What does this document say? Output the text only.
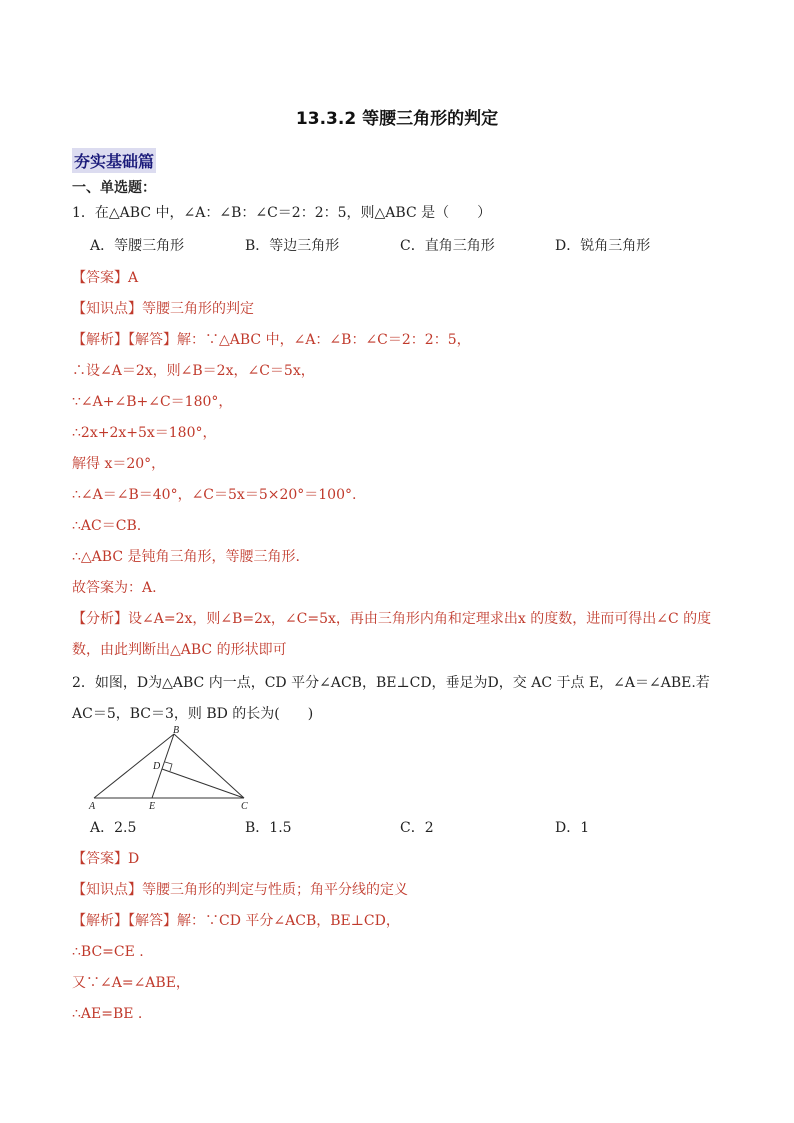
13.3.2 等腰三角形的判定
夯实基础篇
一、单选题：
1．在△ABC 中，∠A：∠B：∠C＝2：2：5，则△ABC 是（　　）
A．等腰三角形	B．等边三角形	C．直角三角形	D．锐角三角形
【答案】A
【知识点】等腰三角形的判定
【解析】【解答】解：∵△ABC 中，∠A：∠B：∠C＝2：2：5，
∴设∠A＝2x，则∠B＝2x，∠C＝5x，
∵∠A+∠B+∠C＝180°，
∴2x+2x+5x＝180°，
解得 x＝20°，
∴∠A＝∠B＝40°，∠C＝5x＝5×20°＝100°.
∴AC＝CB.
∴△ABC 是钝角三角形，等腰三角形.
故答案为：A.
【分析】设∠A=2x，则∠B=2x，∠C=5x，再由三角形内角和定理求出x 的度数，进而可得出∠C 的度
数，由此判断出△ABC 的形状即可
2．如图，D为△ABC 内一点，CD 平分∠ACB，BE⊥CD，垂足为D，交 AC 于点 E，∠A＝∠ABE.若
AC＝5，BC＝3，则 BD 的长为(　　)
A
B
C
D
E
A．2.5	B．1.5	C．2	D．1
【答案】D
【知识点】等腰三角形的判定与性质；角平分线的定义
【解析】【解答】解：∵CD 平分∠ACB，BE⊥CD，
∴BC=CE .
又∵∠A=∠ABE，
∴AE=BE .
